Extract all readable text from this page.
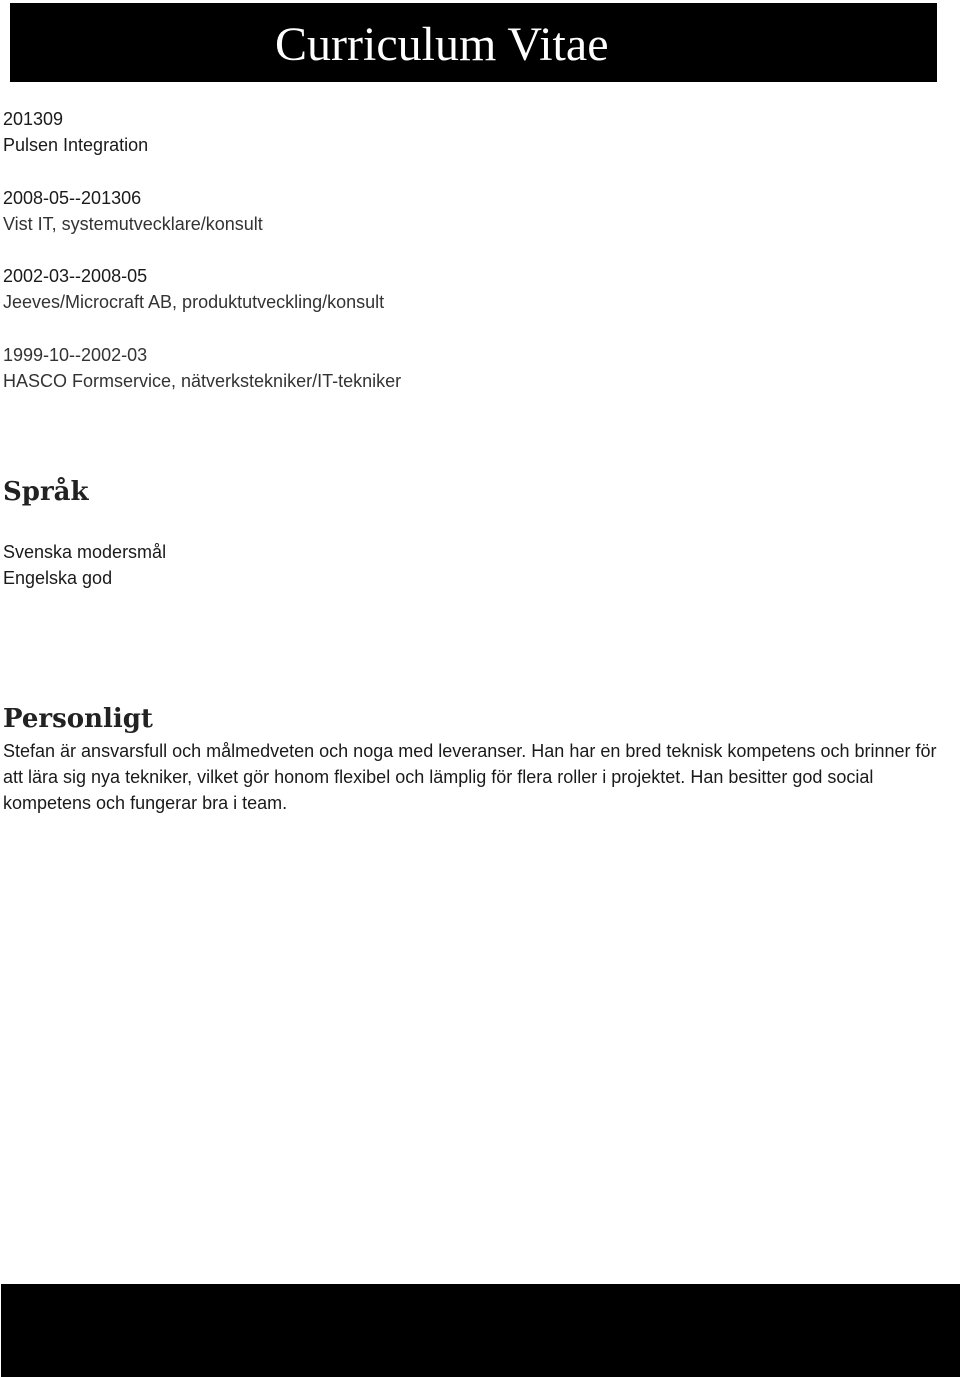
Curriculum Vitae
201309
Pulsen Integration
2008-05--201306
Vist IT, systemutvecklare/konsult
2002-03--2008-05
Jeeves/Microcraft AB, produktutveckling/konsult
1999-10--2002-03
HASCO Formservice, nätverkstekniker/IT-tekniker
Språk
Svenska modersmål
Engelska god
Personligt

Stefan är ansvarsfull och målmedveten och noga med leveranser. Han har en bred teknisk kompetens och brinner för att lära sig nya tekniker, vilket gör honom flexibel och lämplig för flera roller i projektet. Han besitter god social kompetens och fungerar bra i team.
